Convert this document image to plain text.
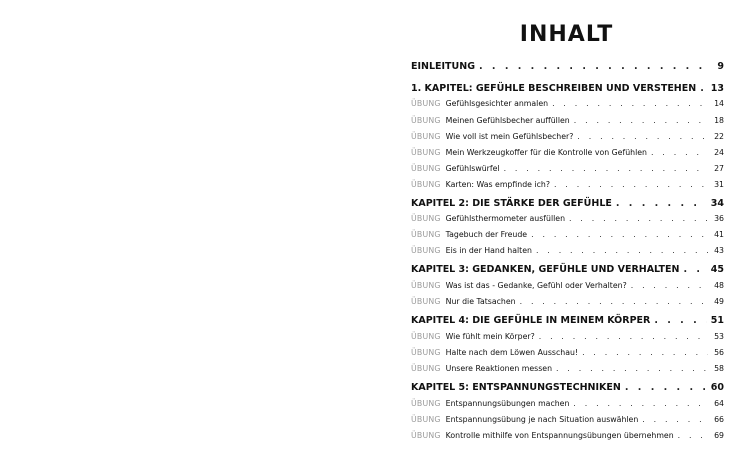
INHALT
EINLEITUNG . . .	9
1. KAPITEL: GEFÜHLE BESCHREIBEN UND VERSTEHEN . . . 13
ÜBUNG Gefühlsgesichter anmalen . . .	14
ÜBUNG Meinen Gefühlsbecher auffüllen . . .	18
ÜBUNG Wie voll ist mein Gefühlsbecher? . . .	22
ÜBUNG Mein Werkzeugkoffer für die Kontrolle von Gefühlen . . .	24
ÜBUNG Gefühlswürfel . . .	27
ÜBUNG Karten: Was empfinde ich? . . .	31
KAPITEL 2: DIE STÄRKE DER GEFÜHLE . . .	34
ÜBUNG Gefühlsthermometer ausfüllen . . .	36
ÜBUNG Tagebuch der Freude . . .	41
ÜBUNG Eis in der Hand halten . . .	43
KAPITEL 3: GEDANKEN, GEFÜHLE UND VERHALTEN . . .	45
ÜBUNG Was ist das - Gedanke, Gefühl oder Verhalten? . . .	48
ÜBUNG Nur die Tatsachen . . .	49
KAPITEL 4: DIE GEFÜHLE IN MEINEM KÖRPER . . .	51
ÜBUNG Wie fühlt mein Körper? . . .	53
ÜBUNG Halte nach dem Löwen Ausschau! . . .	56
ÜBUNG Unsere Reaktionen messen . . .	58
KAPITEL 5: ENTSPANNUNGSTECHNIKEN . . .	60
ÜBUNG Entspannungsübungen machen . . .	64
ÜBUNG Entspannungsübung je nach Situation auswählen . . .	66
ÜBUNG Kontrolle mithilfe von Entspannungsübungen übernehmen . . .	69
